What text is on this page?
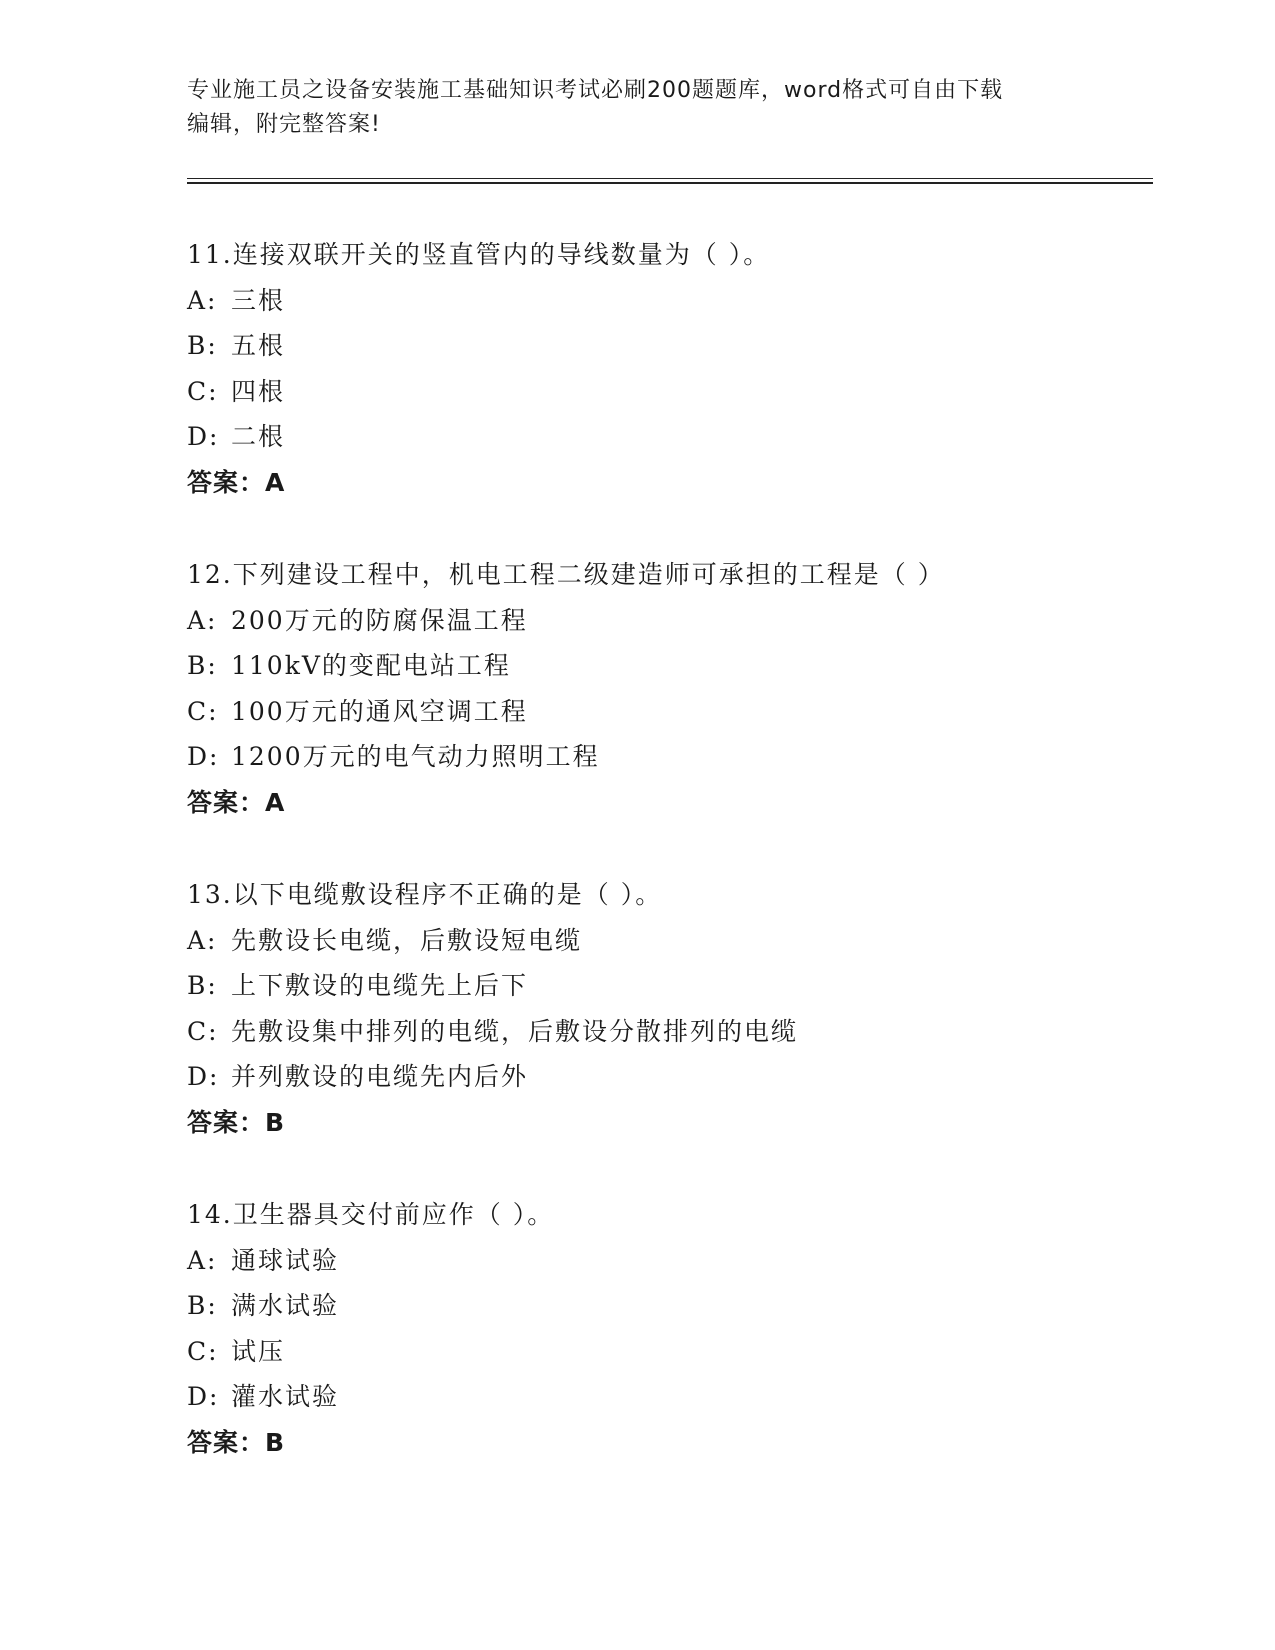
专业施工员之设备安装施工基础知识考试必刷200题题库，word格式可自由下载
编辑，附完整答案!
11.连接双联开关的竖直管内的导线数量为（ ）。
A: 三根
B: 五根
C: 四根
D: 二根
答案：A
12.下列建设工程中，机电工程二级建造师可承担的工程是（ ）
A: 200万元的防腐保温工程
B: 110kV的变配电站工程
C: 100万元的通风空调工程
D: 1200万元的电气动力照明工程
答案：A
13.以下电缆敷设程序不正确的是（ ）。
A: 先敷设长电缆，后敷设短电缆
B: 上下敷设的电缆先上后下
C: 先敷设集中排列的电缆，后敷设分散排列的电缆
D: 并列敷设的电缆先内后外
答案：B
14.卫生器具交付前应作（ ）。
A: 通球试验
B: 满水试验
C: 试压
D: 灌水试验
答案：B
